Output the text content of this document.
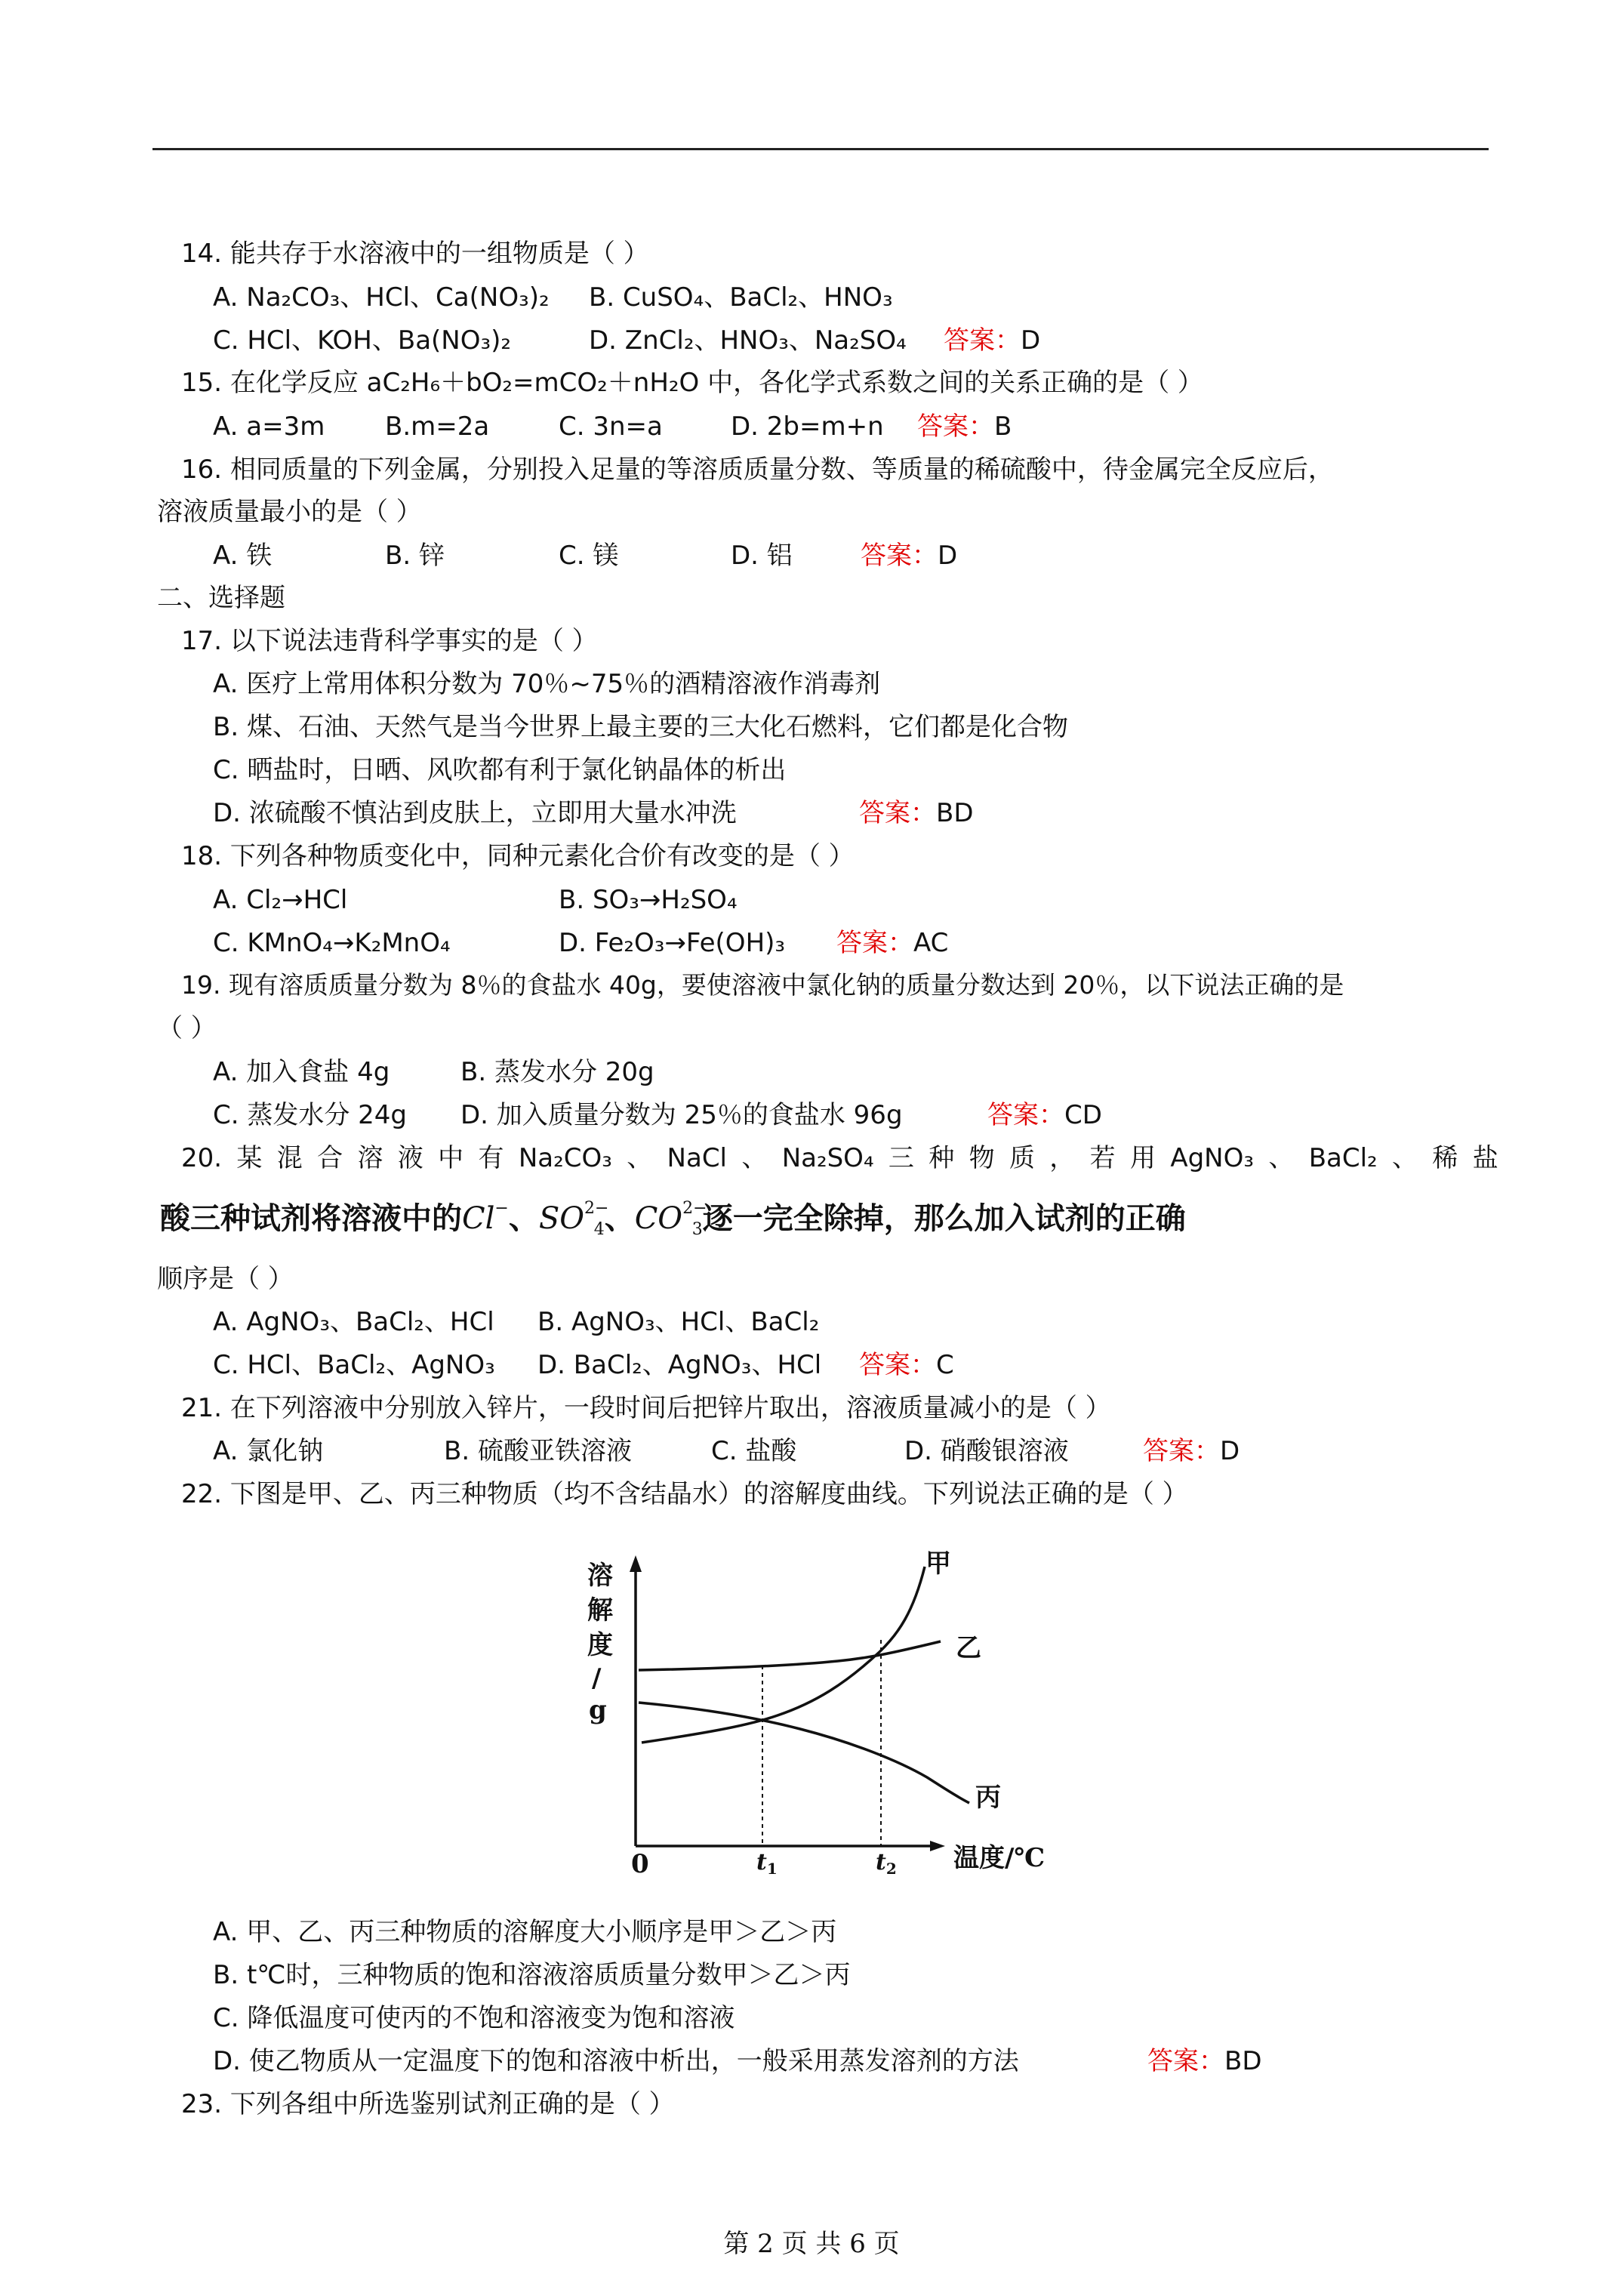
14. 能共存于水溶液中的一组物质是（ ）
A. Na₂CO₃、HCl、Ca(NO₃)₂ B. CuSO₄、BaCl₂、HNO₃
C. HCl、KOH、Ba(NO₃)₂	D. ZnCl₂、HNO₃、Na₂SO₄ 答案：D
15. 在化学反应 aC₂H₆＋bO₂=mCO₂＋nH₂O 中，各化学式系数之间的关系正确的是（ ）
A. a=3m B.m=2a	C. 3n=a	D. 2b=m+n 答案：B
16. 相同质量的下列金属，分别投入足量的等溶质质量分数、等质量的稀硫酸中，待金属完全反应后，
溶液质量最小的是（ ）
A. 铁	B. 锌	C. 镁	D. 铝	答案：D
二、选择题
17. 以下说法违背科学事实的是（ ）
A. 医疗上常用体积分数为 70％~75％的酒精溶液作消毒剂
B. 煤、石油、天然气是当今世界上最主要的三大化石燃料，它们都是化合物
C. 晒盐时，日晒、风吹都有利于氯化钠晶体的析出
D. 浓硫酸不慎沾到皮肤上，立即用大量水冲洗	答案：BD
18. 下列各种物质变化中，同种元素化合价有改变的是（ ）
A. Cl₂→HCl	B. SO₃→H₂SO₄
C. KMnO₄→K₂MnO₄	D. Fe₂O₃→Fe(OH)₃ 答案：AC
19. 现有溶质质量分数为 8％的食盐水 40g，要使溶液中氯化钠的质量分数达到 20％，以下说法正确的是
（ ）
A. 加入食盐 4g	B. 蒸发水分 20g
C. 蒸发水分 24g D. 加入质量分数为 25％的食盐水 96g	答案：CD
20. 某 混 合 溶 液 中 有 Na₂CO₃ 、 NaCl 、 Na₂SO₄ 三 种 物 质 ， 若 用 AgNO₃ 、 BaCl₂ 、 稀 盐
酸三种试剂将溶液中的Cl−、$SO^{2-}4$、$CO^{2-}3$逐一完全除掉，那么加入试剂的正确
顺序是（ ）
A. AgNO₃、BaCl₂、HCl B. AgNO₃、HCl、BaCl₂
C. HCl、BaCl₂、AgNO₃ D. BaCl₂、AgNO₃、HCl 答案：C
21. 在下列溶液中分别放入锌片，一段时间后把锌片取出，溶液质量减小的是（ ）
A. 氯化钠	B. 硫酸亚铁溶液	C. 盐酸	D. 硝酸银溶液	答案：D
22. 下图是甲、乙、丙三种物质（均不含结晶水）的溶解度曲线。下列说法正确的是（ ）
溶
解
度
/
g
0	温度/℃
甲
乙
丙
$t_1$	$t_2$
A. 甲、乙、丙三种物质的溶解度大小顺序是甲＞乙＞丙
B. t℃时，三种物质的饱和溶液溶质质量分数甲＞乙＞丙
C. 降低温度可使丙的不饱和溶液变为饱和溶液
D. 使乙物质从一定温度下的饱和溶液中析出，一般采用蒸发溶剂的方法	答案：BD
23. 下列各组中所选鉴别试剂正确的是（ ）
第 2 页 共 6 页
